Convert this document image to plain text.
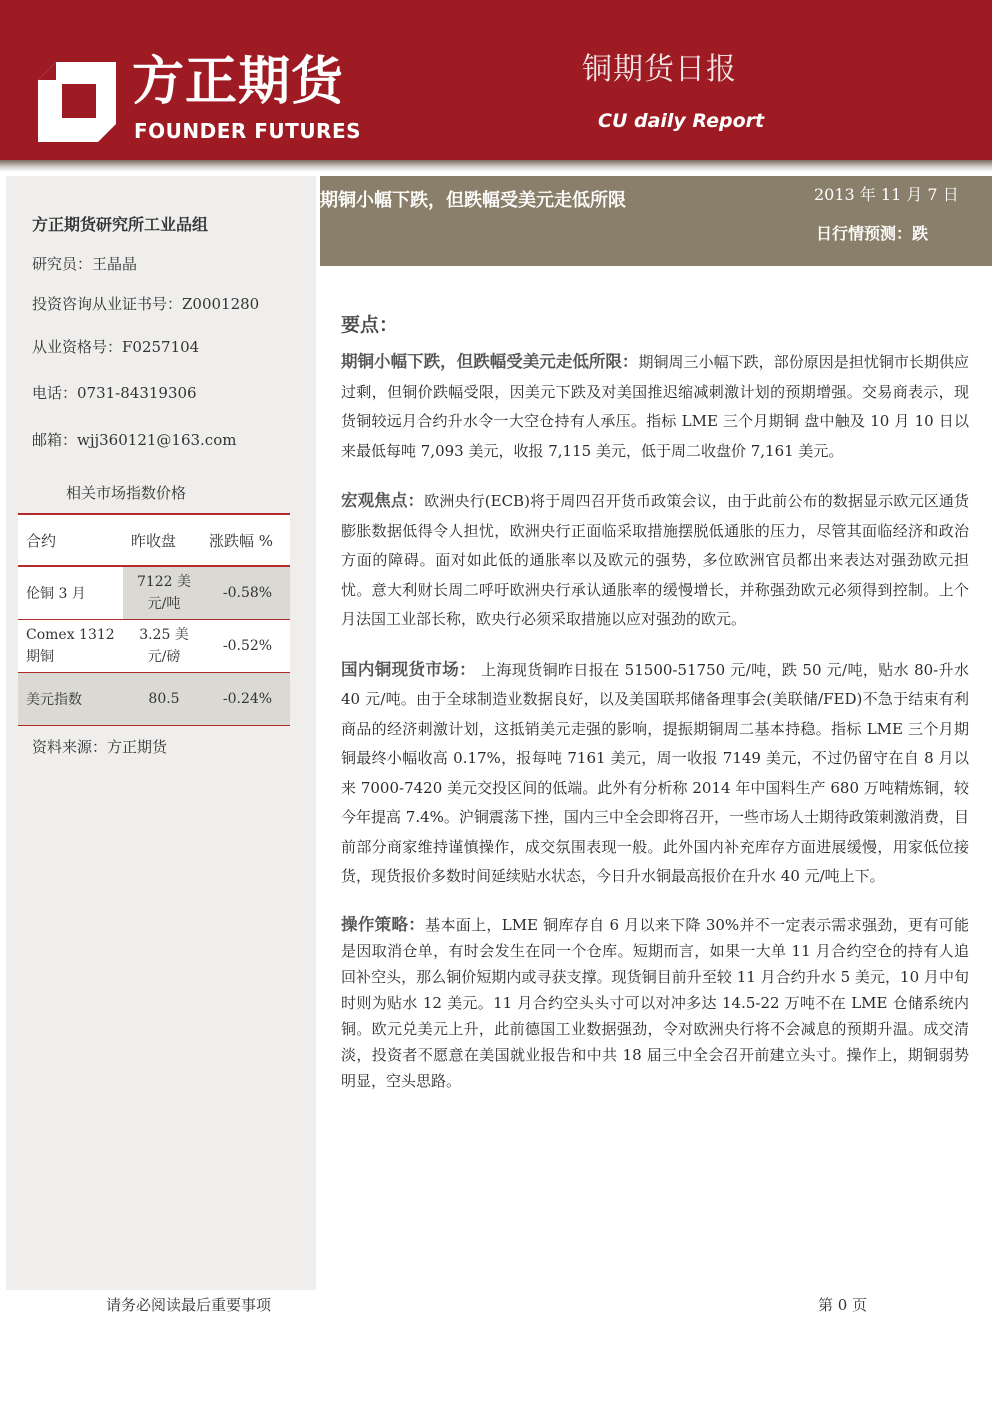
方正期货
FOUNDER FUTURES
铜期货日报
CU daily Report
方正期货研究所工业品组
研究员：王晶晶
投资咨询从业证书号：Z0001280
从业资格号：F0257104
电话：0731-84319306
邮箱：wjj360121@163.com
相关市场指数价格
合约	昨收盘	涨跌幅 %
伦铜 3 月	7122 美元/吨	-0.58%
Comex 1312 期铜	3.25 美元/磅	-0.52%
美元指数	80.5	-0.24%
资料来源：方正期货
期铜小幅下跌，但跌幅受美元走低所限	2013 年 11 月 7 日
日行情预测：跌
要点：

期铜小幅下跌，但跌幅受美元走低所限：期铜周三小幅下跌，部份原因是担忧铜市长期供应过剩，但铜价跌幅受限，因美元下跌及对美国推迟缩减刺激计划的预期增强。交易商表示，现货铜较远月合约升水令一大空仓持有人承压。指标 LME 三个月期铜 盘中触及 10 月 10 日以来最低每吨 7,093 美元，收报 7,115 美元，低于周二收盘价 7,161 美元。

宏观焦点：欧洲央行(ECB)将于周四召开货币政策会议，由于此前公布的数据显示欧元区通货膨胀数据低得令人担忧，欧洲央行正面临采取措施摆脱低通胀的压力，尽管其面临经济和政治方面的障碍。面对如此低的通胀率以及欧元的强势，多位欧洲官员都出来表达对强劲欧元担忧。意大利财长周二呼吁欧洲央行承认通胀率的缓慢增长，并称强劲欧元必须得到控制。上个月法国工业部长称，欧央行必须采取措施以应对强劲的欧元。

国内铜现货市场： 上海现货铜昨日报在 51500-51750 元/吨，跌 50 元/吨，贴水 80-升水 40 元/吨。由于全球制造业数据良好，以及美国联邦储备理事会(美联储/FED)不急于结束有利商品的经济刺激计划，这抵销美元走强的影响，提振期铜周二基本持稳。指标 LME 三个月期铜最终小幅收高 0.17%，报每吨 7161 美元，周一收报 7149 美元，不过仍留守在自 8 月以来 7000-7420 美元交投区间的低端。此外有分析称 2014 年中国料生产 680 万吨精炼铜，较今年提高 7.4%。沪铜震荡下挫，国内三中全会即将召开，一些市场人士期待政策刺激消费，目前部分商家维持谨慎操作，成交氛围表现一般。此外国内补充库存方面进展缓慢，用家低位接货，现货报价多数时间延续贴水状态，今日升水铜最高报价在升水 40 元/吨上下。

操作策略：基本面上，LME 铜库存自 6 月以来下降 30%并不一定表示需求强劲，更有可能是因取消仓单，有时会发生在同一个仓库。短期而言，如果一大单 11 月合约空仓的持有人追回补空头，那么铜价短期内或寻获支撑。现货铜目前升至较 11 月合约升水 5 美元，10 月中旬时则为贴水 12 美元。11 月合约空头头寸可以对冲多达 14.5-22 万吨不在 LME 仓储系统内铜。欧元兑美元上升，此前德国工业数据强劲，令对欧洲央行将不会减息的预期升温。成交清淡，投资者不愿意在美国就业报告和中共 18 届三中全会召开前建立头寸。操作上，期铜弱势明显，空头思路。

请务必阅读最后重要事项	第 0 页
